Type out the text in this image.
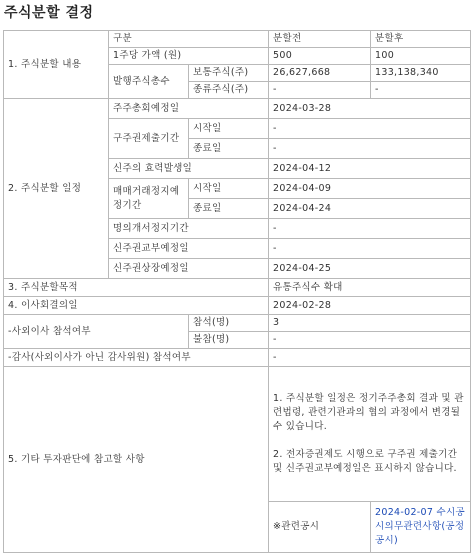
주식분할 결정
1. 주식분할 내용	구분		분할전	분할후
	1주당 가액 (원)		500	100
	발행주식총수	보통주식(주)	26,627,668	133,138,340
		종류주식(주)	-	-
2. 주식분할 일정	주주총회예정일		2024-03-28	
	구주권제출기간	시작일	-	
		종료일	-	
	신주의 효력발생일		2024-04-12	
	매매거래정지예정기간	시작일	2024-04-09	
		종료일	2024-04-24	
	명의개서정지기간		-	
	신주권교부예정일		-	
	신주권상장예정일		2024-04-25	
3. 주식분할목적			유통주식수 확대	
4. 이사회결의일			2024-02-28	
-사외이사 참석여부		참석(명)	3	
		불참(명)	-	
-감사(사외이사가 아닌 감사위원) 참석여부			-	
5. 기타 투자판단에 참고할 사항			1. 주식분할 일정은 정기주주총회 결과 및 관련법령, 관련기관과의 협의 과정에서 변경될 수 있습니다.

2. 전자증권제도 시행으로 구주권 제출기간 및 신주권교부예정일은 표시하지 않습니다.	
			※관련공시	2024-02-07 수시공시의무관련사항(공정공시)
